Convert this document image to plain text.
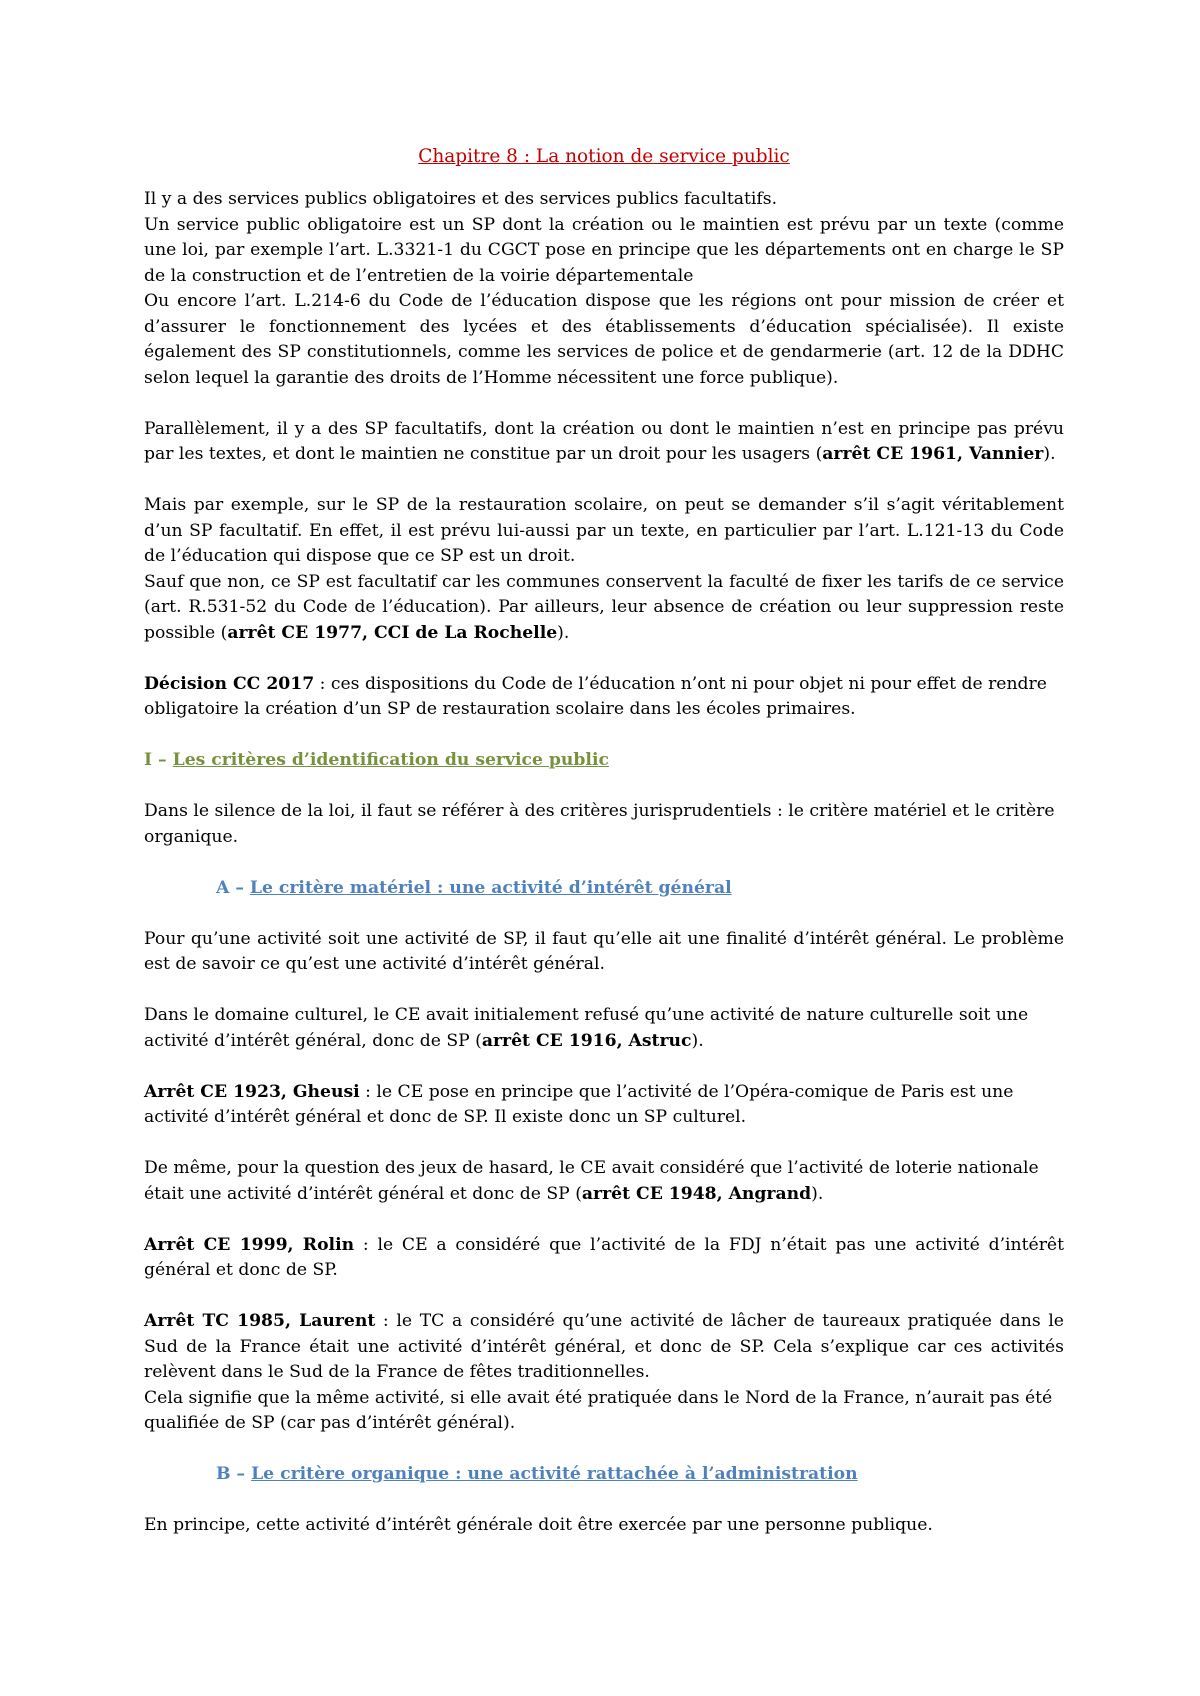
Chapitre 8 : La notion de service public

Il y a des services publics obligatoires et des services publics facultatifs.

Un service public obligatoire est un SP dont la création ou le maintien est prévu par un texte (comme une loi, par exemple l’art. L.3321-1 du CGCT pose en principe que les départements ont en charge le SP de la construction et de l’entretien de la voirie départementale

Ou encore l’art. L.214-6 du Code de l’éducation dispose que les régions ont pour mission de créer et d’assurer le fonctionnement des lycées et des établissements d’éducation spécialisée). Il existe également des SP constitutionnels, comme les services de police et de gendarmerie (art. 12 de la DDHC selon lequel la garantie des droits de l’Homme nécessitent une force publique).

Parallèlement, il y a des SP facultatifs, dont la création ou dont le maintien n’est en principe pas prévu par les textes, et dont le maintien ne constitue par un droit pour les usagers (arrêt CE 1961, Vannier).

Mais par exemple, sur le SP de la restauration scolaire, on peut se demander s’il s’agit véritablement d’un SP facultatif. En effet, il est prévu lui-aussi par un texte, en particulier par l’art. L.121-13 du Code de l’éducation qui dispose que ce SP est un droit.

Sauf que non, ce SP est facultatif car les communes conservent la faculté de fixer les tarifs de ce service (art. R.531-52 du Code de l’éducation). Par ailleurs, leur absence de création ou leur suppression reste possible (arrêt CE 1977, CCI de La Rochelle).

Décision CC 2017 : ces dispositions du Code de l’éducation n’ont ni pour objet ni pour effet de rendre obligatoire la création d’un SP de restauration scolaire dans les écoles primaires.

I – Les critères d’identification du service public

Dans le silence de la loi, il faut se référer à des critères jurisprudentiels : le critère matériel et le critère organique.

A – Le critère matériel : une activité d’intérêt général

Pour qu’une activité soit une activité de SP, il faut qu’elle ait une finalité d’intérêt général. Le problème est de savoir ce qu’est une activité d’intérêt général.

Dans le domaine culturel, le CE avait initialement refusé qu’une activité de nature culturelle soit une activité d’intérêt général, donc de SP (arrêt CE 1916, Astruc).

Arrêt CE 1923, Gheusi : le CE pose en principe que l’activité de l’Opéra-comique de Paris est une activité d’intérêt général et donc de SP. Il existe donc un SP culturel.

De même, pour la question des jeux de hasard, le CE avait considéré que l’activité de loterie nationale était une activité d’intérêt général et donc de SP (arrêt CE 1948, Angrand).

Arrêt CE 1999, Rolin : le CE a considéré que l’activité de la FDJ n’était pas une activité d’intérêt général et donc de SP.

Arrêt TC 1985, Laurent : le TC a considéré qu’une activité de lâcher de taureaux pratiquée dans le Sud de la France était une activité d’intérêt général, et donc de SP. Cela s’explique car ces activités relèvent dans le Sud de la France de fêtes traditionnelles.

Cela signifie que la même activité, si elle avait été pratiquée dans le Nord de la France, n’aurait pas été qualifiée de SP (car pas d’intérêt général).

B – Le critère organique : une activité rattachée à l’administration

En principe, cette activité d’intérêt générale doit être exercée par une personne publique.
